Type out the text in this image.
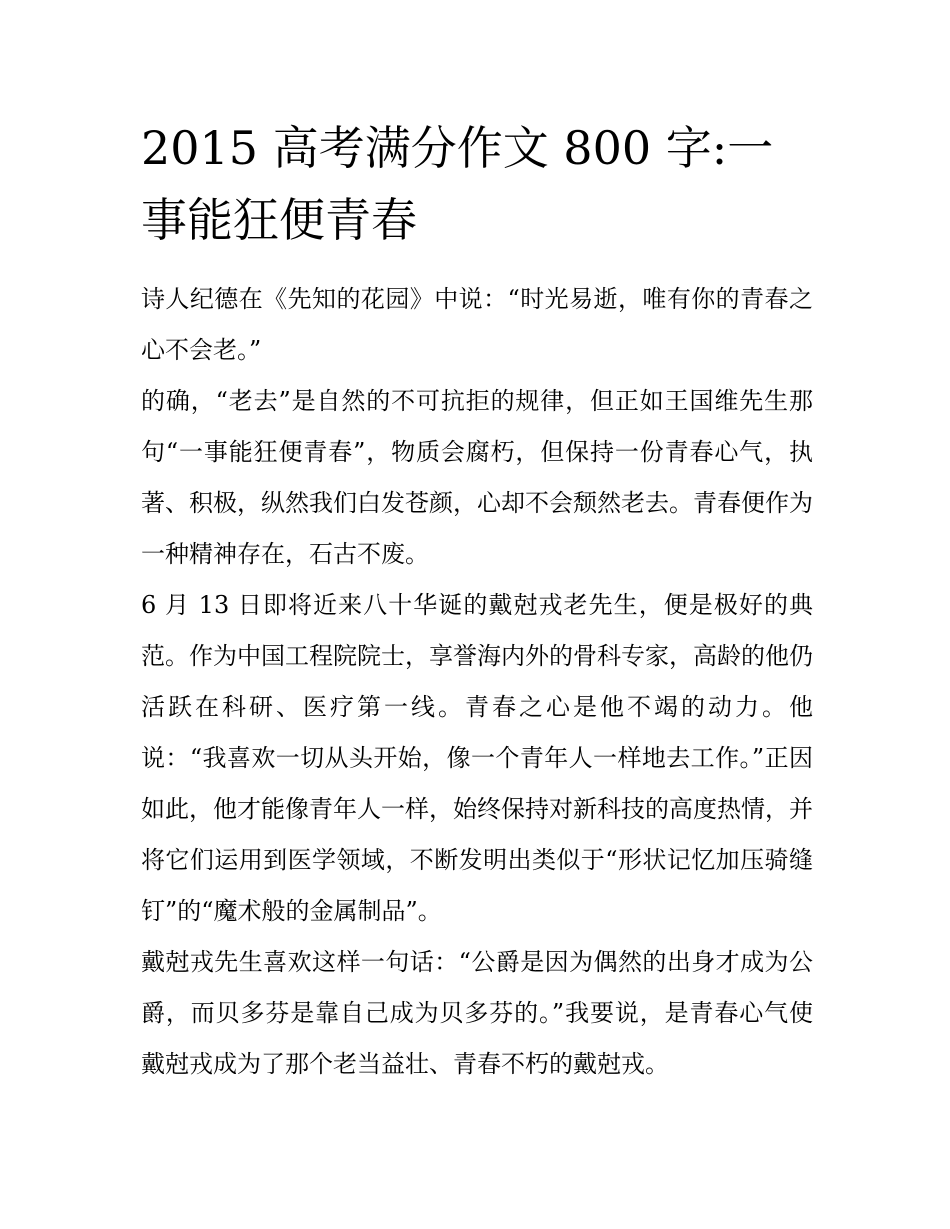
2015 高考满分作文 800 字:一
事能狂便青春

诗人纪德在《先知的花园》中说：“时光易逝，唯有你的青春之心不会老。”

的确，“老去”是自然的不可抗拒的规律，但正如王国维先生那句“一事能狂便青春”，物质会腐朽，但保持一份青春心气，执著、积极，纵然我们白发苍颜，心却不会颓然老去。青春便作为一种精神存在，石古不废。

6 月 13 日即将近来八十华诞的戴尅戎老先生，便是极好的典范。作为中国工程院院士，享誉海内外的骨科专家，高龄的他仍活跃在科研、医疗第一线。青春之心是他不竭的动力。他说：“我喜欢一切从头开始，像一个青年人一样地去工作。”正因如此，他才能像青年人一样，始终保持对新科技的高度热情，并将它们运用到医学领域，不断发明出类似于“形状记忆加压骑缝钉”的“魔术般的金属制品”。

戴尅戎先生喜欢这样一句话：“公爵是因为偶然的出身才成为公爵，而贝多芬是靠自己成为贝多芬的。”我要说，是青春心气使戴尅戎成为了那个老当益壮、青春不朽的戴尅戎。
